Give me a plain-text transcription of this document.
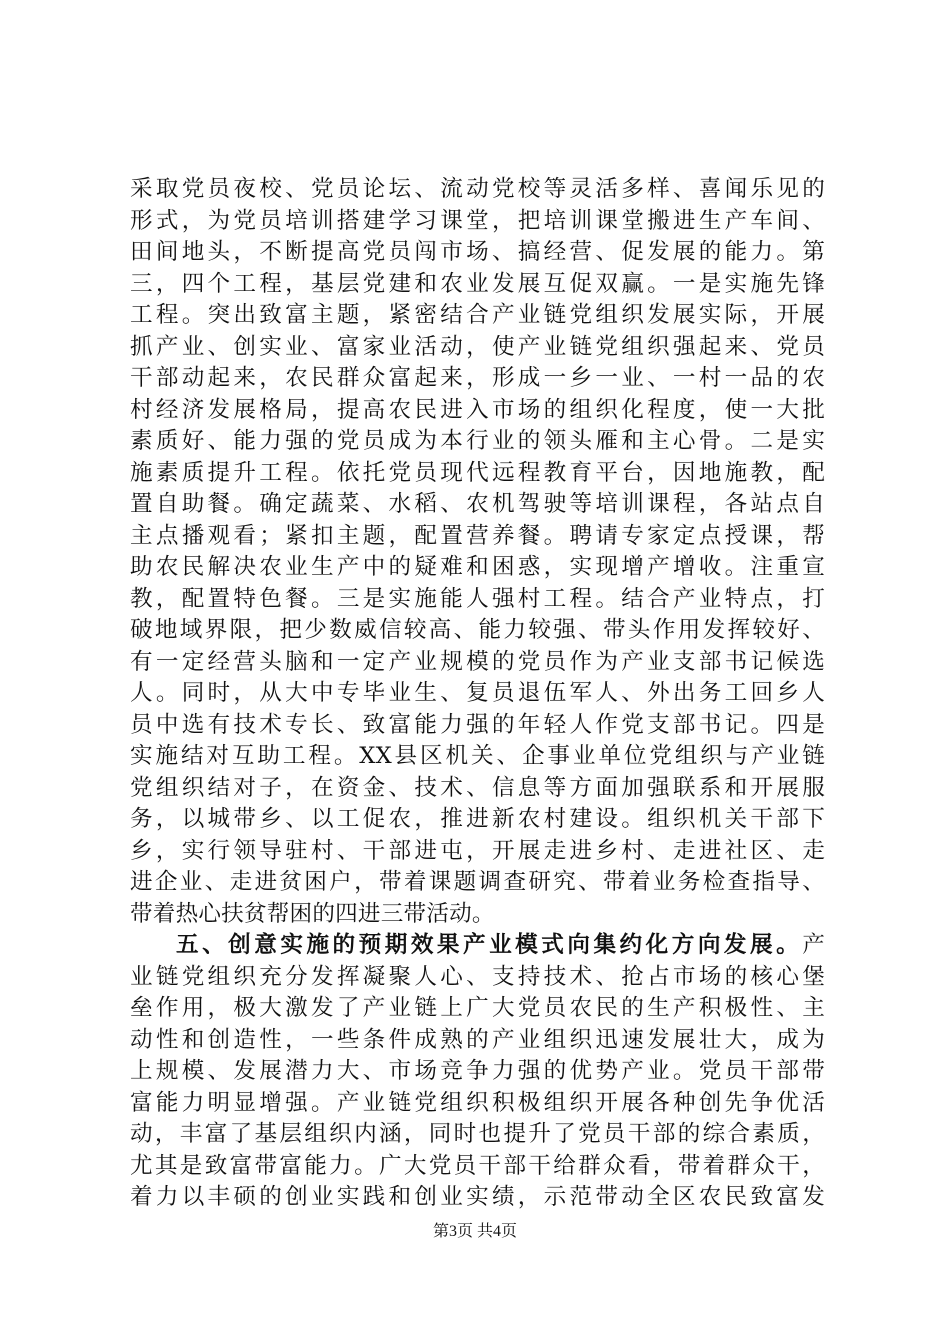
采取党员夜校、党员论坛、流动党校等灵活多样、喜闻乐见的
形式，为党员培训搭建学习课堂，把培训课堂搬进生产车间、
田间地头，不断提高党员闯市场、搞经营、促发展的能力。第
三，四个工程，基层党建和农业发展互促双赢。一是实施先锋
工程。突出致富主题，紧密结合产业链党组织发展实际，开展
抓产业、创实业、富家业活动，使产业链党组织强起来、党员
干部动起来，农民群众富起来，形成一乡一业、一村一品的农
村经济发展格局，提高农民进入市场的组织化程度，使一大批
素质好、能力强的党员成为本行业的领头雁和主心骨。二是实
施素质提升工程。依托党员现代远程教育平台，因地施教，配
置自助餐。确定蔬菜、水稻、农机驾驶等培训课程，各站点自
主点播观看；紧扣主题，配置营养餐。聘请专家定点授课，帮
助农民解决农业生产中的疑难和困惑，实现增产增收。注重宣
教，配置特色餐。三是实施能人强村工程。结合产业特点，打
破地域界限，把少数威信较高、能力较强、带头作用发挥较好、
有一定经营头脑和一定产业规模的党员作为产业支部书记候选
人。同时，从大中专毕业生、复员退伍军人、外出务工回乡人
员中选有技术专长、致富能力强的年轻人作党支部书记。四是
实施结对互助工程。XX县区机关、企事业单位党组织与产业链
党组织结对子，在资金、技术、信息等方面加强联系和开展服
务，以城带乡、以工促农，推进新农村建设。组织机关干部下
乡，实行领导驻村、干部进屯，开展走进乡村、走进社区、走
进企业、走进贫困户，带着课题调查研究、带着业务检查指导、
带着热心扶贫帮困的四进三带活动。
五、创意实施的预期效果产业模式向集约化方向发展。产
业链党组织充分发挥凝聚人心、支持技术、抢占市场的核心堡
垒作用，极大激发了产业链上广大党员农民的生产积极性、主
动性和创造性，一些条件成熟的产业组织迅速发展壮大，成为
上规模、发展潜力大、市场竞争力强的优势产业。党员干部带
富能力明显增强。产业链党组织积极组织开展各种创先争优活
动，丰富了基层组织内涵，同时也提升了党员干部的综合素质，
尤其是致富带富能力。广大党员干部干给群众看，带着群众干，
着力以丰硕的创业实践和创业实绩，示范带动全区农民致富发
第3页 共4页
